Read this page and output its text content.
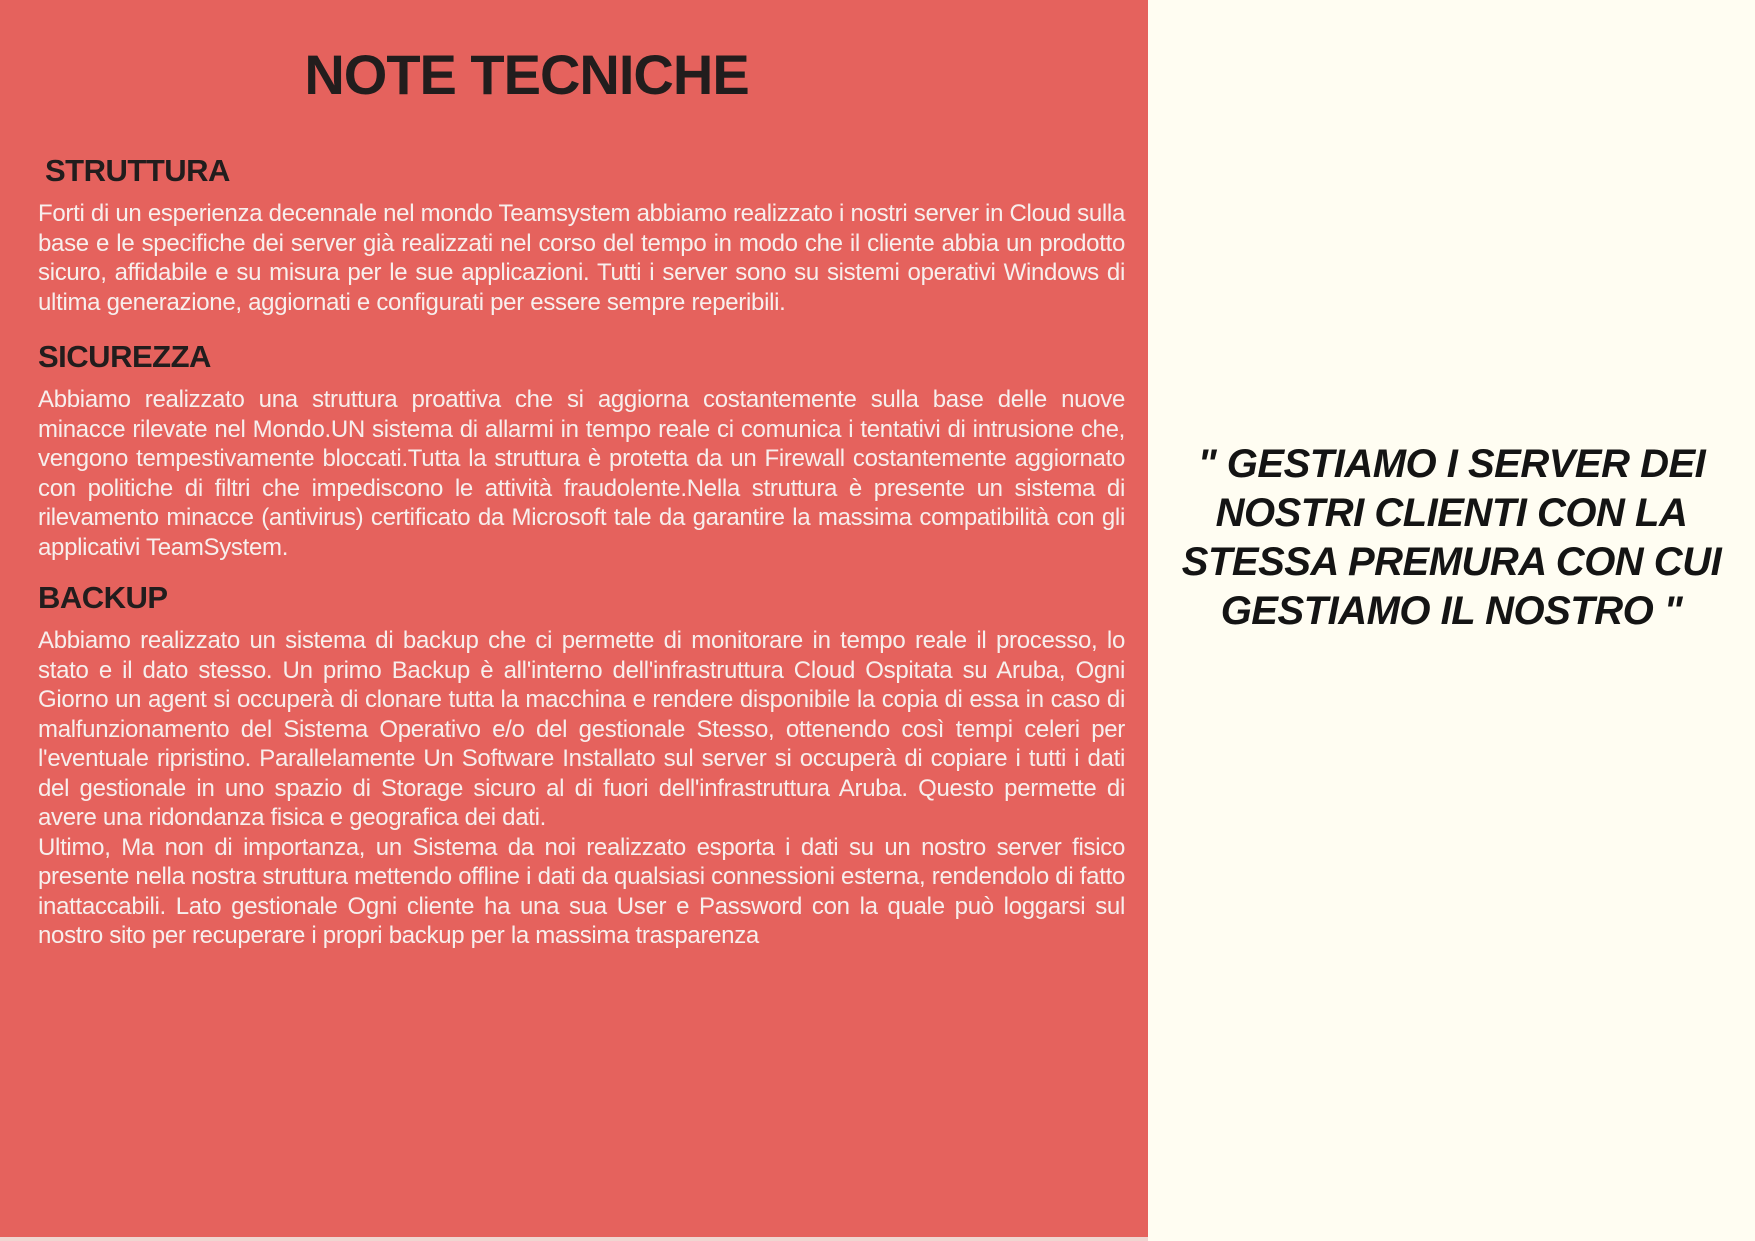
NOTE TECNICHE
STRUTTURA

Forti di un esperienza decennale nel mondo Teamsystem abbiamo realizzato i nostri server in Cloud sulla base e le specifiche dei server già realizzati nel corso del tempo in modo che il cliente abbia un prodotto sicuro, affidabile e su misura per le sue applicazioni. Tutti i server sono su sistemi operativi Windows di ultima generazione, aggiornati e configurati per essere sempre reperibili.

SICUREZZA

Abbiamo realizzato una struttura proattiva che si aggiorna costantemente sulla base delle nuove minacce rilevate nel Mondo.UN sistema di allarmi in tempo reale ci comunica i tentativi di intrusione che, vengono tempestivamente bloccati.Tutta la struttura è protetta da un Firewall costantemente aggiornato con politiche di filtri che impediscono le attività fraudolente.Nella struttura è presente un sistema di rilevamento minacce (antivirus) certificato da Microsoft tale da garantire la massima compatibilità con gli applicativi TeamSystem.

BACKUP

Abbiamo realizzato un sistema di backup che ci permette di monitorare in tempo reale il processo, lo stato e il dato stesso. Un primo Backup è all'interno dell'infrastruttura Cloud Ospitata su Aruba, Ogni Giorno un agent si occuperà di clonare tutta la macchina e rendere disponibile la copia di essa in caso di malfunzionamento del Sistema Operativo e/o del gestionale Stesso, ottenendo così tempi celeri per l'eventuale ripristino. Parallelamente Un Software Installato sul server si occuperà di copiare i tutti i dati del gestionale in uno spazio di Storage sicuro al di fuori dell'infrastruttura Aruba. Questo permette di avere una ridondanza fisica e geografica dei dati.

Ultimo, Ma non di importanza, un Sistema da noi realizzato esporta i dati su un nostro server fisico presente nella nostra struttura mettendo offline i dati da qualsiasi connessioni esterna, rendendolo di fatto inattaccabili. Lato gestionale Ogni cliente ha una sua User e Password con la quale può loggarsi sul nostro sito per recuperare i propri backup per la massima trasparenza

" GESTIAMO I SERVER DEI
NOSTRI CLIENTI CON LA
STESSA PREMURA CON CUI
GESTIAMO IL NOSTRO "
